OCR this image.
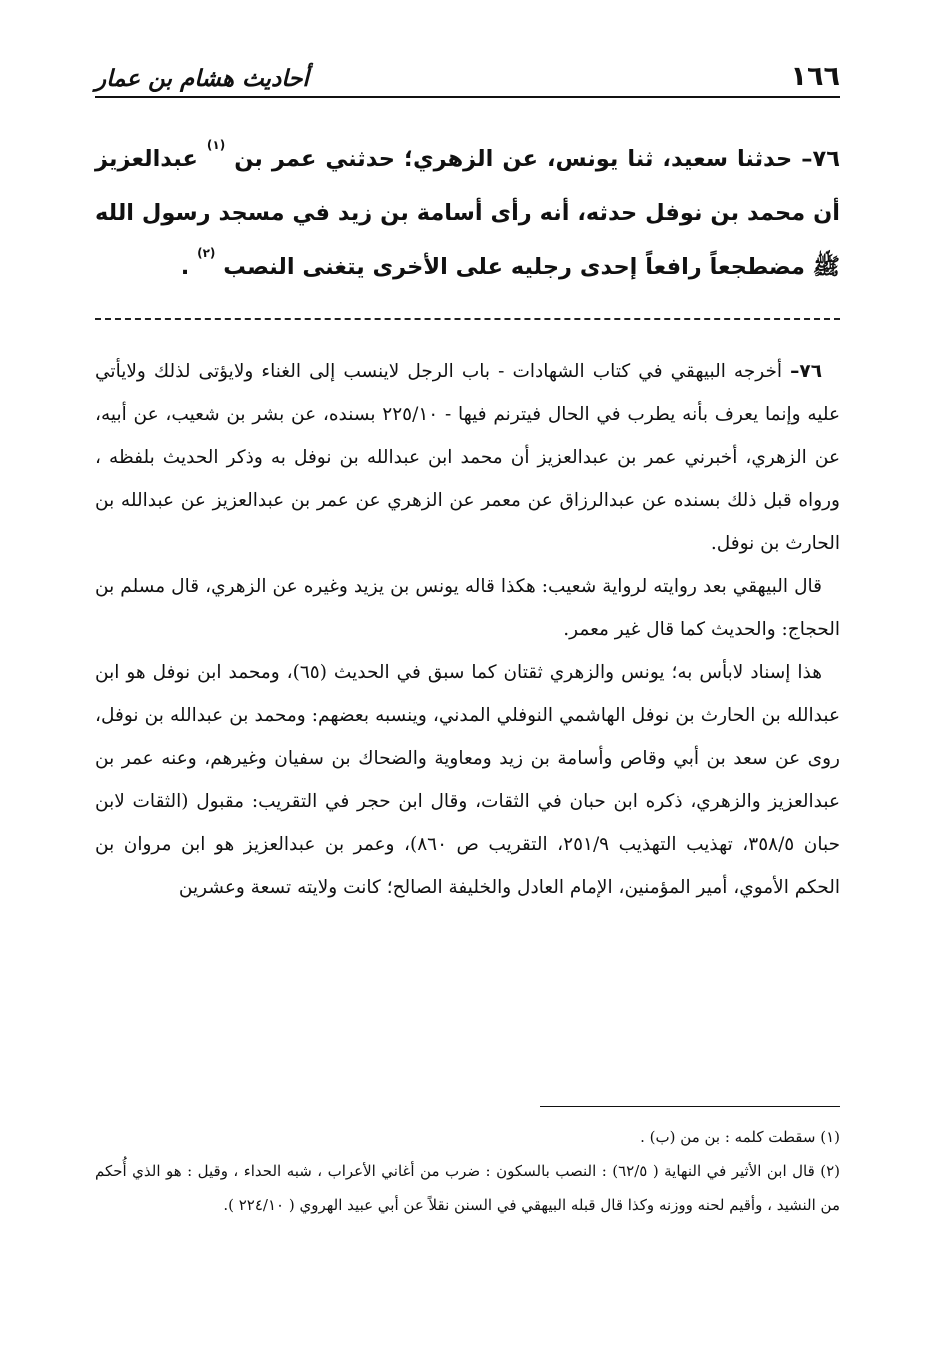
١٦٦
أحاديث هشام بن عمار
٧٦– حدثنا سعيد، ثنا يونس، عن الزهري؛ حدثني عمر بن $^{(١)}$ عبدالعزيز أن محمد بن نوفل حدثه، أنه رأى أسامة بن زيد في مسجد رسول الله ﷺ مضطجعاً رافعاً إحدى رجليه على الأخرى يتغنى النصب $^{(٢)}$ .

٧٦– أخرجه البيهقي في كتاب الشهادات - باب الرجل لاينسب إلى الغناء ولايؤتى لذلك ولايأتي عليه وإنما يعرف بأنه يطرب في الحال فيترنم فيها - ٢٢٥/١٠ بسنده، عن بشر بن شعيب، عن أبيه، عن الزهري، أخبرني عمر بن عبدالعزيز أن محمد ابن عبدالله بن نوفل به وذكر الحديث بلفظه ، ورواه قبل ذلك بسنده عن عبدالرزاق عن معمر عن الزهري عن عمر بن عبدالعزيز عن عبدالله بن الحارث بن نوفل.

قال البيهقي بعد روايته لرواية شعيب: هكذا قاله يونس بن يزيد وغيره عن الزهري، قال مسلم بن الحجاج: والحديث كما قال غير معمر.

هذا إسناد لابأس به؛ يونس والزهري ثقتان كما سبق في الحديث (٦٥)، ومحمد ابن نوفل هو ابن عبدالله بن الحارث بن نوفل الهاشمي النوفلي المدني، وينسبه بعضهم: ومحمد بن عبدالله بن نوفل، روى عن سعد بن أبي وقاص وأسامة بن زيد ومعاوية والضحاك بن سفيان وغيرهم، وعنه عمر بن عبدالعزيز والزهري، ذكره ابن حبان في الثقات، وقال ابن حجر في التقريب: مقبول (الثقات لابن حبان ٣٥٨/٥، تهذيب التهذيب ٢٥١/٩، التقريب ص ٨٦٠)، وعمر بن عبدالعزيز هو ابن مروان بن الحكم الأموي، أمير المؤمنين، الإمام العادل والخليفة الصالح؛ كانت ولايته تسعة وعشرين

(١) سقطت كلمه : بن من (ب) .

(٢) قال ابن الأثير في النهاية ( ٦٢/٥) : النصب بالسكون : ضرب من أغاني الأعراب ، شبه الحداء ، وقيل : هو الذي أُحكم من النشيد ، وأقيم لحنه ووزنه وكذا قال قبله البيهقي في السنن نقلاً عن أبي عبيد الهروي ( ٢٢٤/١٠ ).
